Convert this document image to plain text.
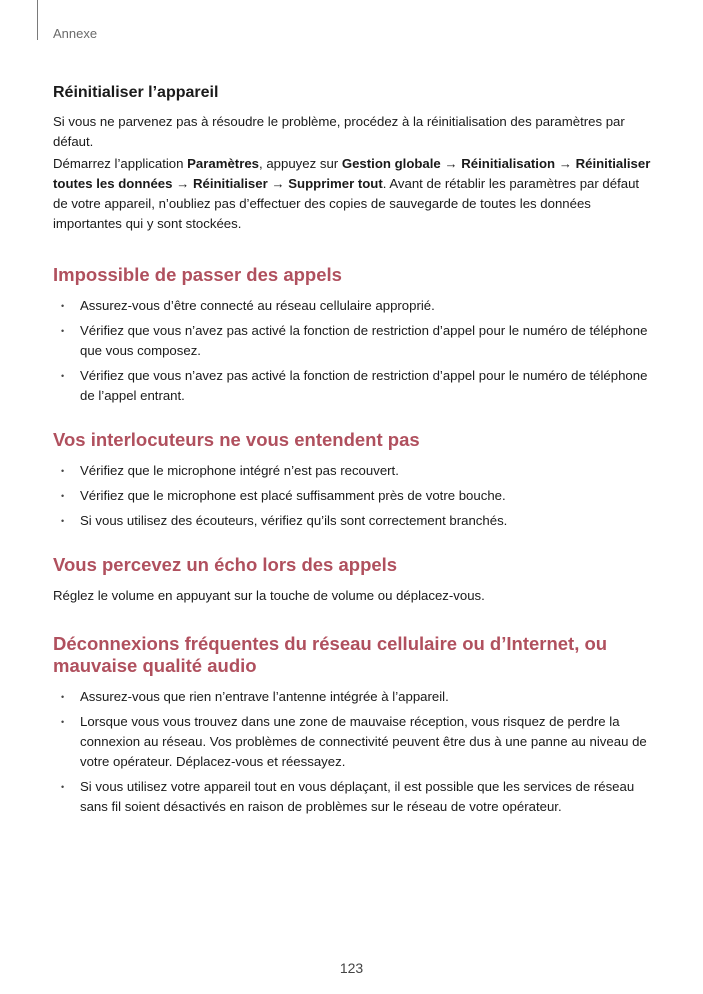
Annexe
Réinitialiser l’appareil

Si vous ne parvenez pas à résoudre le problème, procédez à la réinitialisation des paramètres par défaut.

Démarrez l’application Paramètres, appuyez sur Gestion globale → Réinitialisation → Réinitialiser toutes les données → Réinitialiser → Supprimer tout. Avant de rétablir les paramètres par défaut de votre appareil, n’oubliez pas d’effectuer des copies de sauvegarde de toutes les données importantes qui y sont stockées.

Impossible de passer des appels
• Assurez-vous d’être connecté au réseau cellulaire approprié.
• Vérifiez que vous n’avez pas activé la fonction de restriction d’appel pour le numéro de téléphone que vous composez.
• Vérifiez que vous n’avez pas activé la fonction de restriction d’appel pour le numéro de téléphone de l’appel entrant.
Vos interlocuteurs ne vous entendent pas
• Vérifiez que le microphone intégré n’est pas recouvert.
• Vérifiez que le microphone est placé suffisamment près de votre bouche.
• Si vous utilisez des écouteurs, vérifiez qu’ils sont correctement branchés.
Vous percevez un écho lors des appels

Réglez le volume en appuyant sur la touche de volume ou déplacez-vous.

Déconnexions fréquentes du réseau cellulaire ou d’Internet, ou mauvaise qualité audio
• Assurez-vous que rien n’entrave l’antenne intégrée à l’appareil.
• Lorsque vous vous trouvez dans une zone de mauvaise réception, vous risquez de perdre la connexion au réseau. Vos problèmes de connectivité peuvent être dus à une panne au niveau de votre opérateur. Déplacez-vous et réessayez.
• Si vous utilisez votre appareil tout en vous déplaçant, il est possible que les services de réseau sans fil soient désactivés en raison de problèmes sur le réseau de votre opérateur.
123
